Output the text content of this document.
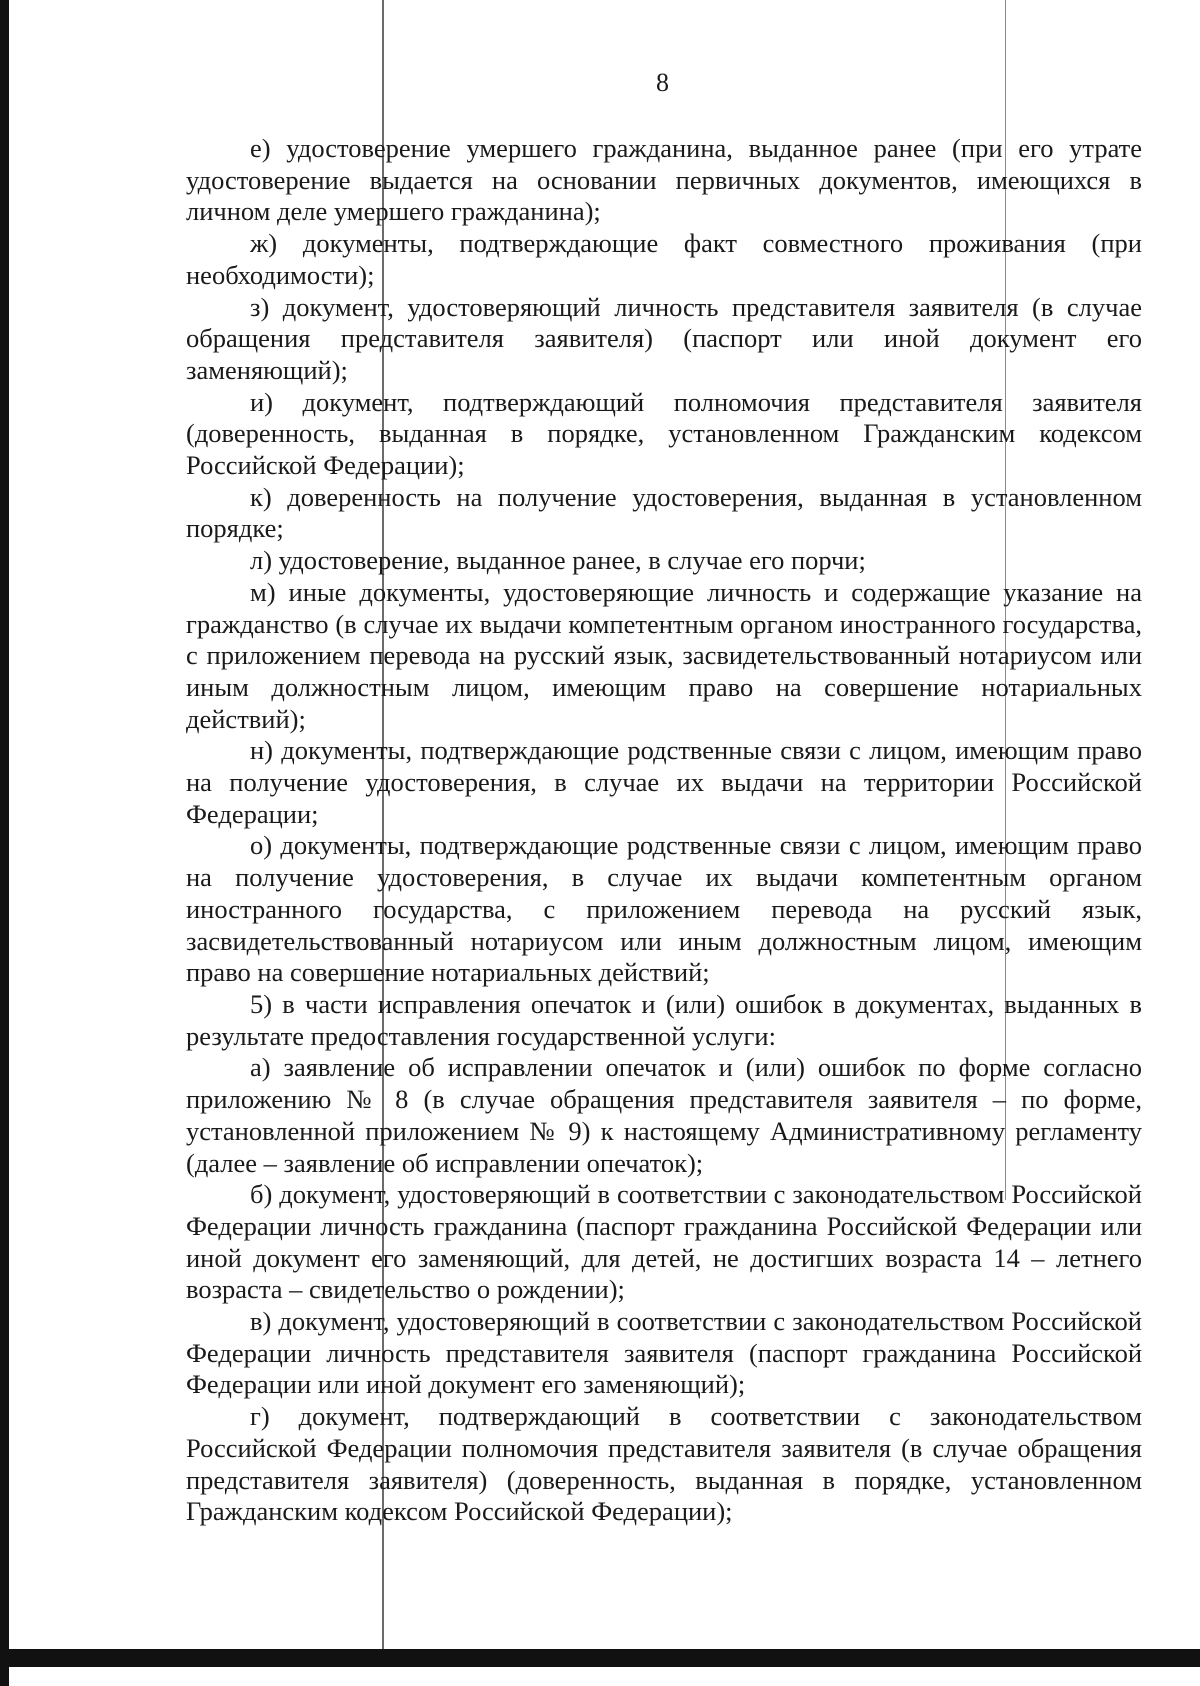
8

е) удостоверение умершего гражданина, выданное ранее (при его утрате удостоверение выдается на основании первичных документов, имеющихся в личном деле умершего гражданина);

ж) документы, подтверждающие факт совместного проживания (при необходимости);

з) документ, удостоверяющий личность представителя заявителя (в случае обращения представителя заявителя) (паспорт или иной документ его заменяющий);

и) документ, подтверждающий полномочия представителя заявителя (доверенность, выданная в порядке, установленном Гражданским кодексом Российской Федерации);

к) доверенность на получение удостоверения, выданная в установленном порядке;

л) удостоверение, выданное ранее, в случае его порчи;

м) иные документы, удостоверяющие личность и содержащие указание на гражданство (в случае их выдачи компетентным органом иностранного государства, с приложением перевода на русский язык, засвидетельствованный нотариусом или иным должностным лицом, имеющим право на совершение нотариальных действий);

н) документы, подтверждающие родственные связи с лицом, имеющим право на получение удостоверения, в случае их выдачи на территории Российской Федерации;

о) документы, подтверждающие родственные связи с лицом, имеющим право на получение удостоверения, в случае их выдачи компетентным органом иностранного государства, с приложением перевода на русский язык, засвидетельствованный нотариусом или иным должностным лицом, имеющим право на совершение нотариальных действий;

5) в части исправления опечаток и (или) ошибок в документах, выданных в результате предоставления государственной услуги:

а) заявление об исправлении опечаток и (или) ошибок по форме согласно приложению № 8 (в случае обращения представителя заявителя – по форме, установленной приложением № 9) к настоящему Административному регламенту (далее – заявление об исправлении опечаток);

б) документ, удостоверяющий в соответствии с законодательством Российской Федерации личность гражданина (паспорт гражданина Российской Федерации или иной документ его заменяющий, для детей, не достигших возраста 14 – летнего возраста – свидетельство о рождении);

в) документ, удостоверяющий в соответствии с законодательством Российской Федерации личность представителя заявителя (паспорт гражданина Российской Федерации или иной документ его заменяющий);

г) документ, подтверждающий в соответствии с законодательством Российской Федерации полномочия представителя заявителя (в случае обращения представителя заявителя) (доверенность, выданная в порядке, установленном Гражданским кодексом Российской Федерации);
